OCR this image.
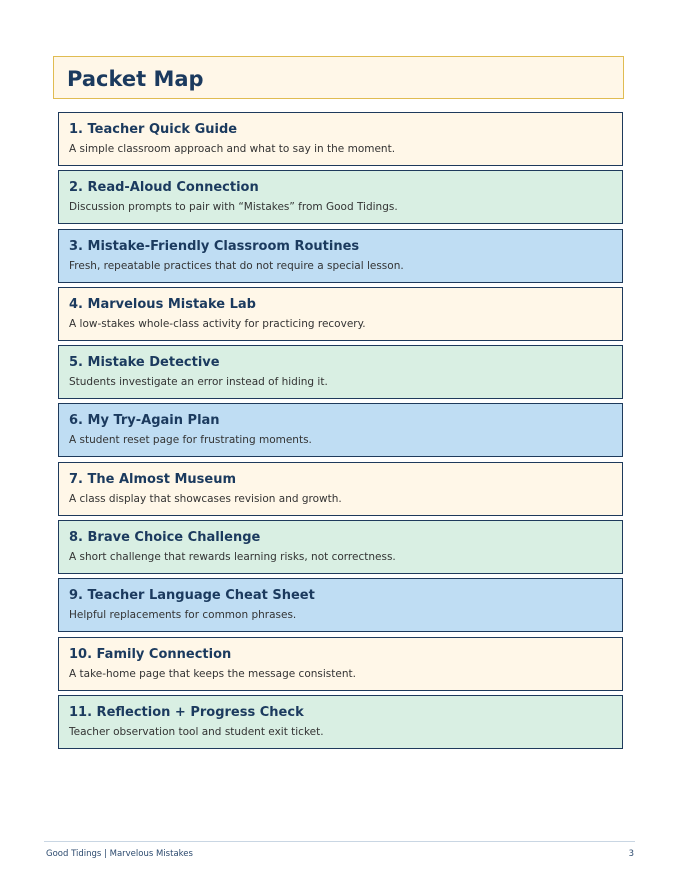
Packet Map
1. Teacher Quick Guide
A simple classroom approach and what to say in the moment.
2. Read-Aloud Connection
Discussion prompts to pair with “Mistakes” from Good Tidings.
3. Mistake-Friendly Classroom Routines
Fresh, repeatable practices that do not require a special lesson.
4. Marvelous Mistake Lab
A low-stakes whole-class activity for practicing recovery.
5. Mistake Detective
Students investigate an error instead of hiding it.
6. My Try-Again Plan
A student reset page for frustrating moments.
7. The Almost Museum
A class display that showcases revision and growth.
8. Brave Choice Challenge
A short challenge that rewards learning risks, not correctness.
9. Teacher Language Cheat Sheet
Helpful replacements for common phrases.
10. Family Connection
A take-home page that keeps the message consistent.
11. Reflection + Progress Check
Teacher observation tool and student exit ticket.
Good Tidings | Marvelous Mistakes	3
